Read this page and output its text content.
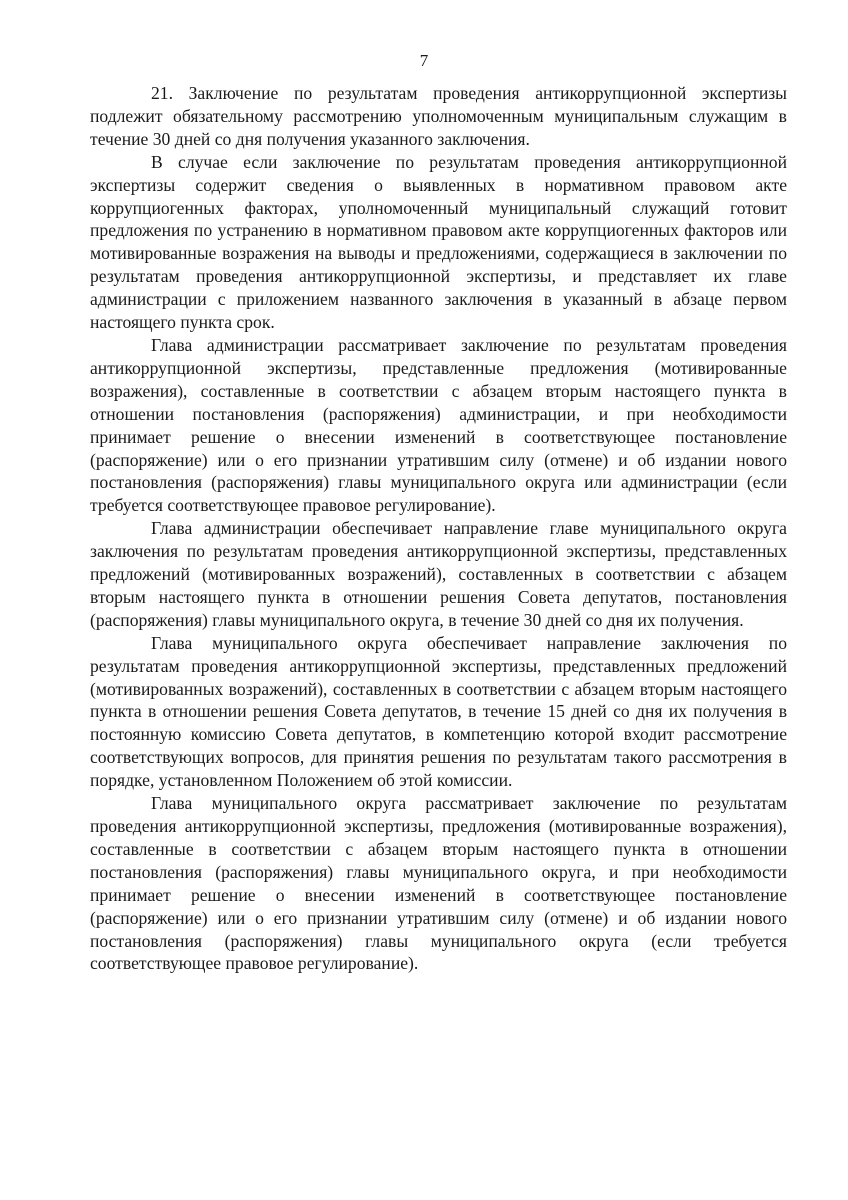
7

21. Заключение по результатам проведения антикоррупционной экспертизы подлежит обязательному рассмотрению уполномоченным муниципальным служащим в течение 30 дней со дня получения указанного заключения.

В случае если заключение по результатам проведения антикоррупционной экспертизы содержит сведения о выявленных в нормативном правовом акте коррупциогенных факторах, уполномоченный муниципальный служащий готовит предложения по устранению в нормативном правовом акте коррупциогенных факторов или мотивированные возражения на выводы и предложениями, содержащиеся в заключении по результатам проведения антикоррупционной экспертизы, и представляет их главе администрации с приложением названного заключения в указанный в абзаце первом настоящего пункта срок.

Глава администрации рассматривает заключение по результатам проведения антикоррупционной экспертизы, представленные предложения (мотивированные возражения), составленные в соответствии с абзацем вторым настоящего пункта в отношении постановления (распоряжения) администрации, и при необходимости принимает решение о внесении изменений в соответствующее постановление (распоряжение) или о его признании утратившим силу (отмене) и об издании нового постановления (распоряжения) главы муниципального округа или администрации (если требуется соответствующее правовое регулирование).

Глава администрации обеспечивает направление главе муниципального округа заключения по результатам проведения антикоррупционной экспертизы, представленных предложений (мотивированных возражений), составленных в соответствии с абзацем вторым настоящего пункта в отношении решения Совета депутатов, постановления (распоряжения) главы муниципального округа, в течение 30 дней со дня их получения.

Глава муниципального округа обеспечивает направление заключения по результатам проведения антикоррупционной экспертизы, представленных предложений (мотивированных возражений), составленных в соответствии с абзацем вторым настоящего пункта в отношении решения Совета депутатов, в течение 15 дней со дня их получения в постоянную комиссию Совета депутатов, в компетенцию которой входит рассмотрение соответствующих вопросов, для принятия решения по результатам такого рассмотрения в порядке, установленном Положением об этой комиссии.

Глава муниципального округа рассматривает заключение по результатам проведения антикоррупционной экспертизы, предложения (мотивированные возражения), составленные в соответствии с абзацем вторым настоящего пункта в отношении постановления (распоряжения) главы муниципального округа, и при необходимости принимает решение о внесении изменений в соответствующее постановление (распоряжение) или о его признании утратившим силу (отмене) и об издании нового постановления (распоряжения) главы муниципального округа (если требуется соответствующее правовое регулирование).
